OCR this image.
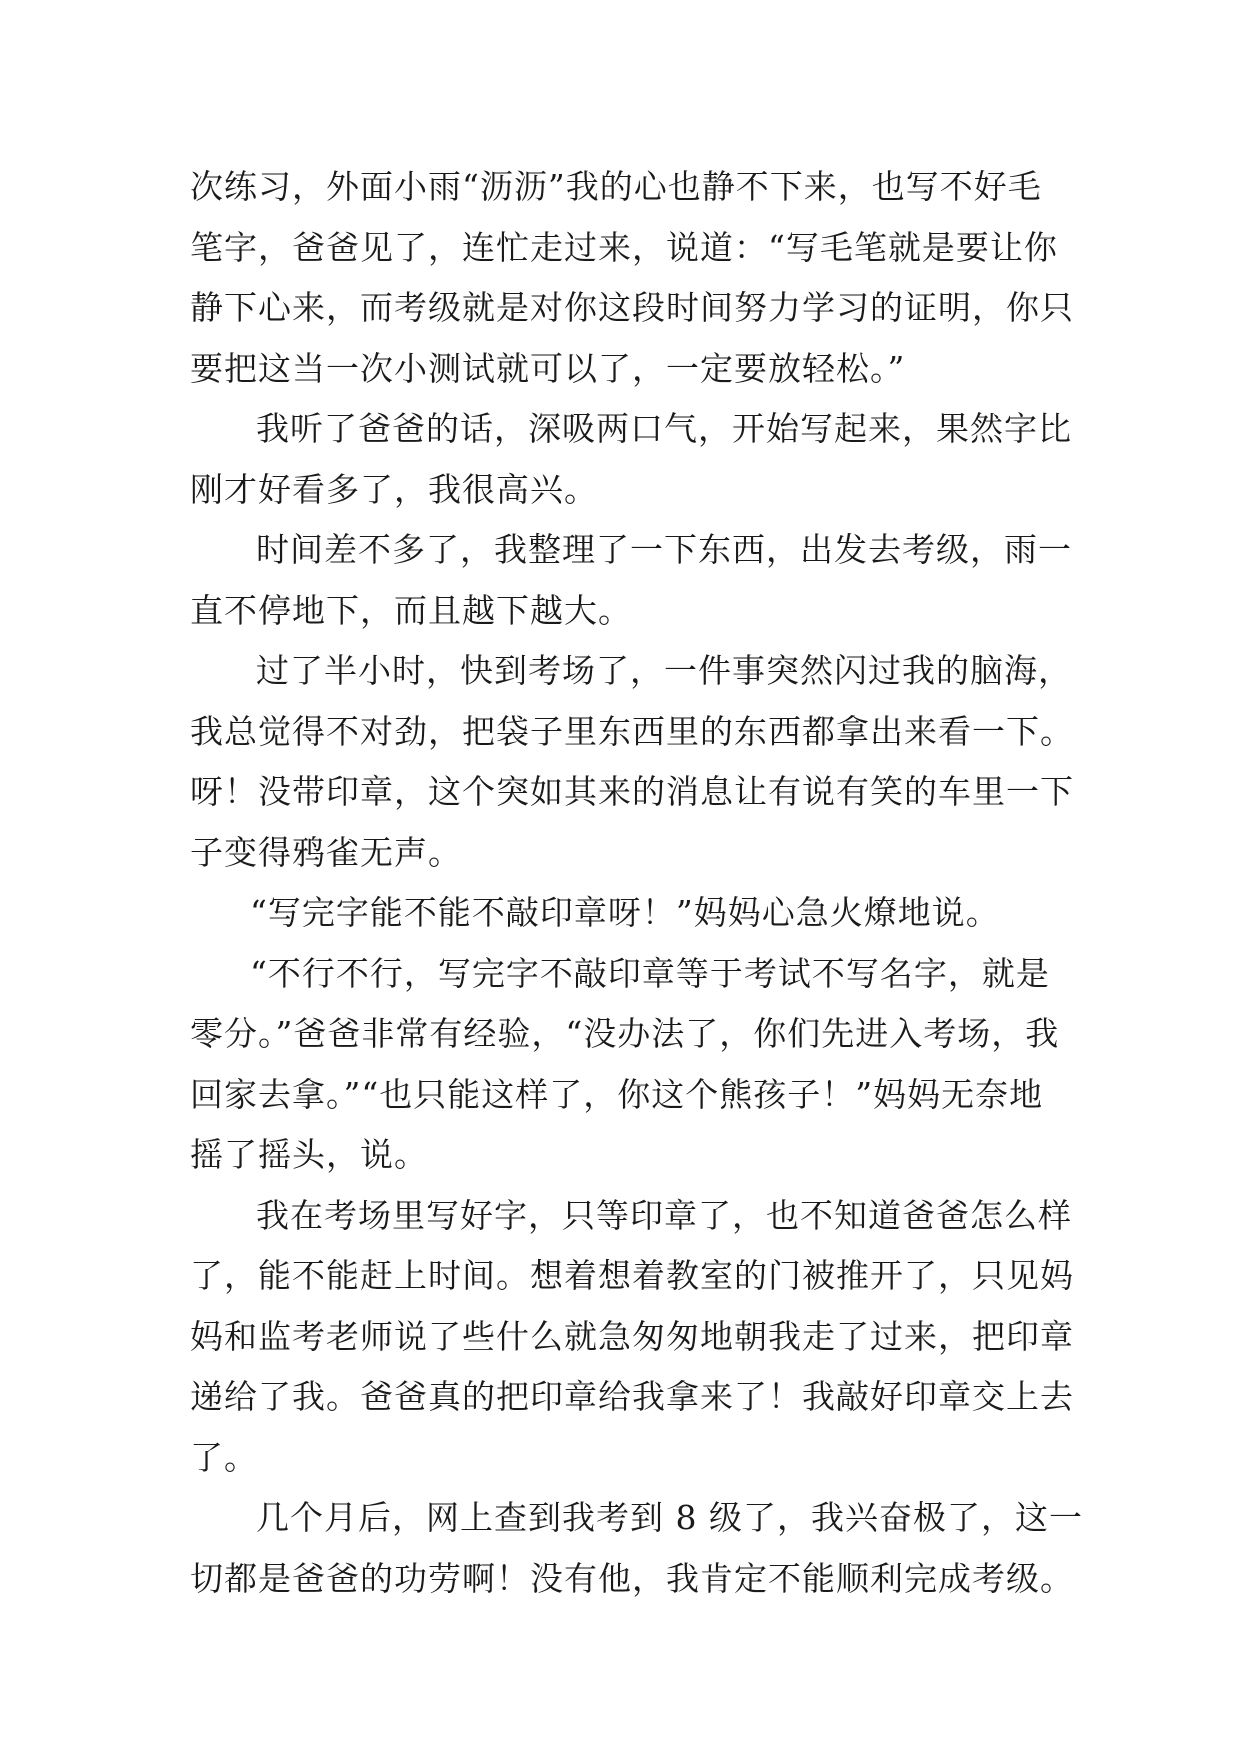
次练习，外面小雨“沥沥”我的心也静不下来，也写不好毛
笔字，爸爸见了，连忙走过来，说道：“写毛笔就是要让你
静下心来，而考级就是对你这段时间努力学习的证明，你只
要把这当一次小测试就可以了，一定要放轻松。”
我听了爸爸的话，深吸两口气，开始写起来，果然字比
刚才好看多了，我很高兴。
时间差不多了，我整理了一下东西，出发去考级，雨一
直不停地下，而且越下越大。
过了半小时，快到考场了，一件事突然闪过我的脑海，
我总觉得不对劲，把袋子里东西里的东西都拿出来看一下。
呀！没带印章，这个突如其来的消息让有说有笑的车里一下
子变得鸦雀无声。
“写完字能不能不敲印章呀！”妈妈心急火燎地说。
“不行不行，写完字不敲印章等于考试不写名字，就是
零分。”爸爸非常有经验，“没办法了，你们先进入考场，我
回家去拿。”“也只能这样了，你这个熊孩子！”妈妈无奈地
摇了摇头，说。
我在考场里写好字，只等印章了，也不知道爸爸怎么样
了，能不能赶上时间。想着想着教室的门被推开了，只见妈
妈和监考老师说了些什么就急匆匆地朝我走了过来，把印章
递给了我。爸爸真的把印章给我拿来了！我敲好印章交上去
了。
几个月后，网上查到我考到 8 级了，我兴奋极了，这一
切都是爸爸的功劳啊！没有他，我肯定不能顺利完成考级。
